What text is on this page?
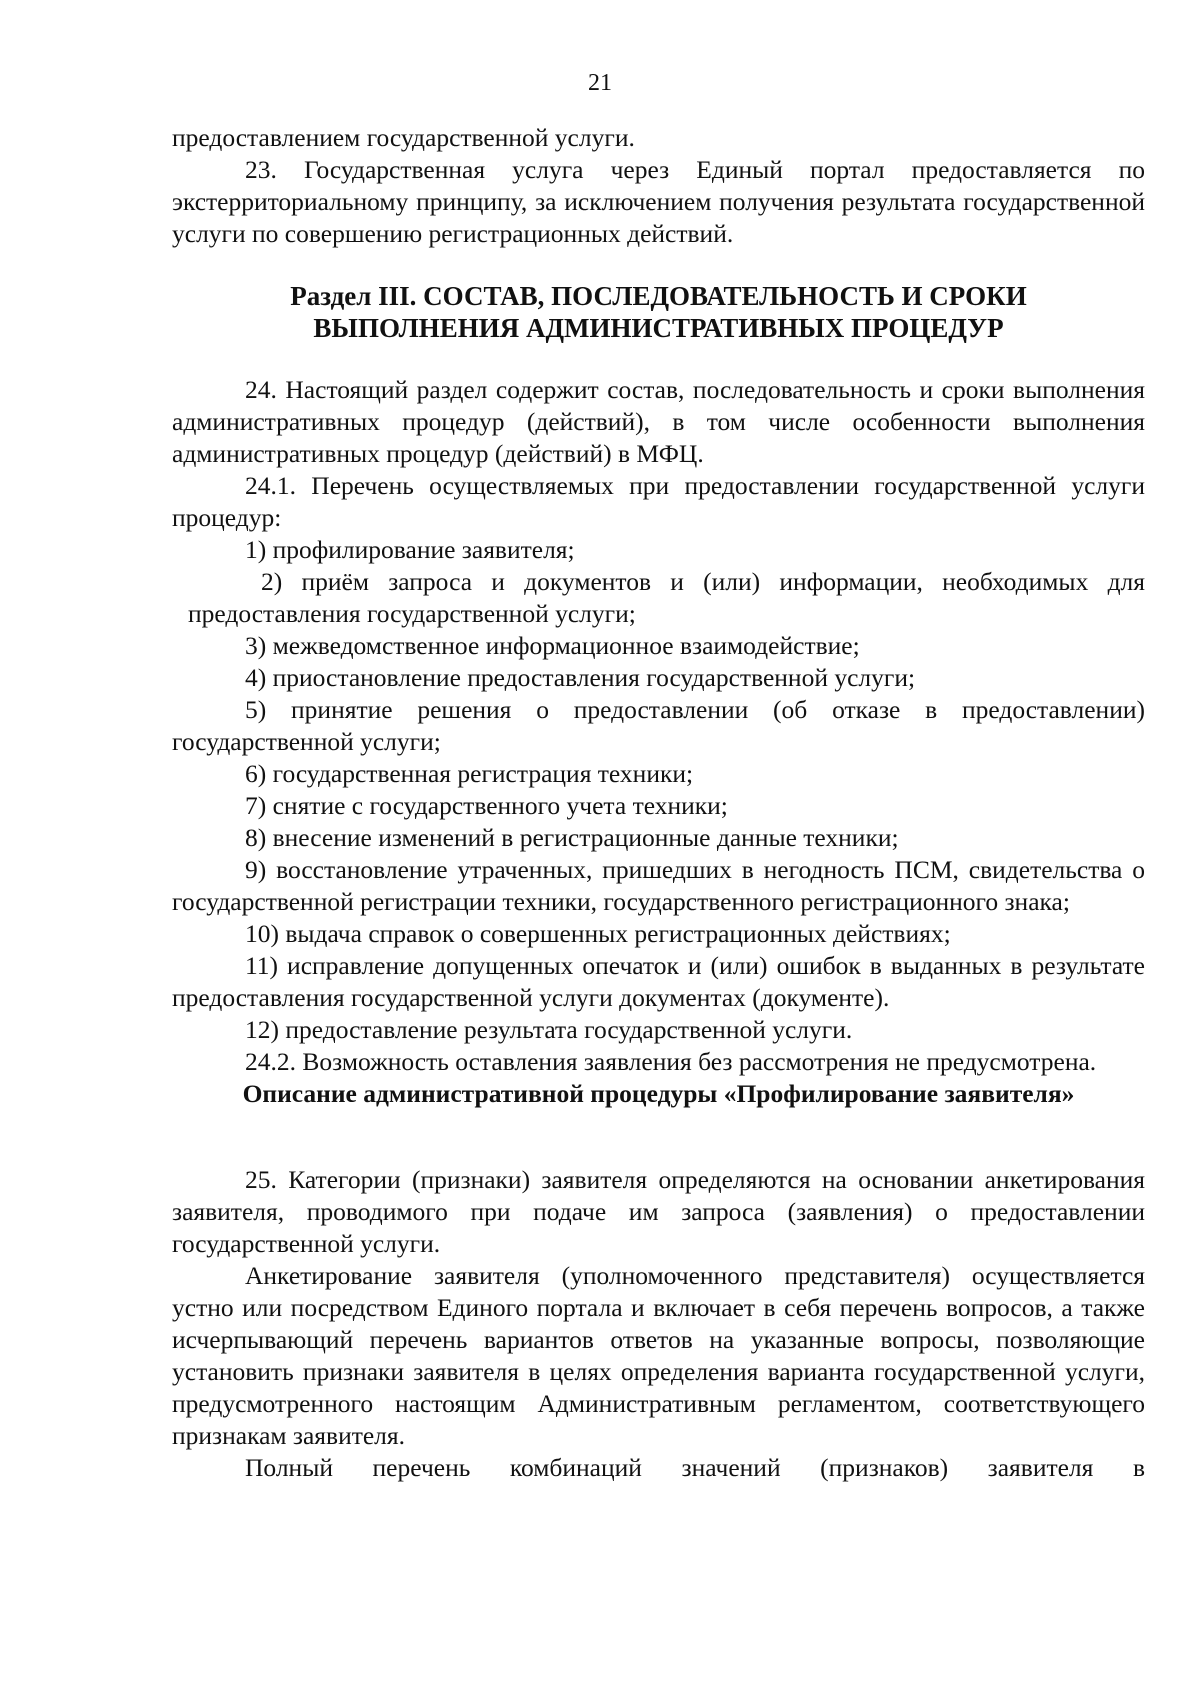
21

предоставлением государственной услуги.

23. Государственная услуга через Единый портал предоставляется по экстерриториальному принципу, за исключением получения результата государственной услуги по совершению регистрационных действий.

Раздел III. СОСТАВ, ПОСЛЕДОВАТЕЛЬНОСТЬ И СРОКИ
ВЫПОЛНЕНИЯ АДМИНИСТРАТИВНЫХ ПРОЦЕДУР

24. Настоящий раздел содержит состав, последовательность и сроки выполнения административных процедур (действий), в том числе особенности выполнения административных процедур (действий) в МФЦ.

24.1. Перечень осуществляемых при предоставлении государственной услуги процедур:

1) профилирование заявителя;

2) приём запроса и документов и (или) информации, необходимых для предоставления государственной услуги;

3) межведомственное информационное взаимодействие;

4) приостановление предоставления государственной услуги;

5) принятие решения о предоставлении (об отказе в предоставлении) государственной услуги;

6) государственная регистрация техники;

7) снятие с государственного учета техники;

8) внесение изменений в регистрационные данные техники;

9) восстановление утраченных, пришедших в негодность ПСМ, свидетельства о государственной регистрации техники, государственного регистрационного знака;

10) выдача справок о совершенных регистрационных действиях;

11) исправление допущенных опечаток и (или) ошибок в выданных в результате предоставления государственной услуги документах (документе).

12) предоставление результата государственной услуги.

24.2. Возможность оставления заявления без рассмотрения не предусмотрена.

Описание административной процедуры «Профилирование заявителя»

25. Категории (признаки) заявителя определяются на основании анкетирования заявителя, проводимого при подаче им запроса (заявления) о предоставлении государственной услуги.

Анкетирование заявителя (уполномоченного представителя) осуществляется устно или посредством Единого портала и включает в себя перечень вопросов, а также исчерпывающий перечень вариантов ответов на указанные вопросы, позволяющие установить признаки заявителя в целях определения варианта государственной услуги, предусмотренного настоящим Административным регламентом, соответствующего признакам заявителя.

Полный перечень комбинаций значений (признаков) заявителя в
